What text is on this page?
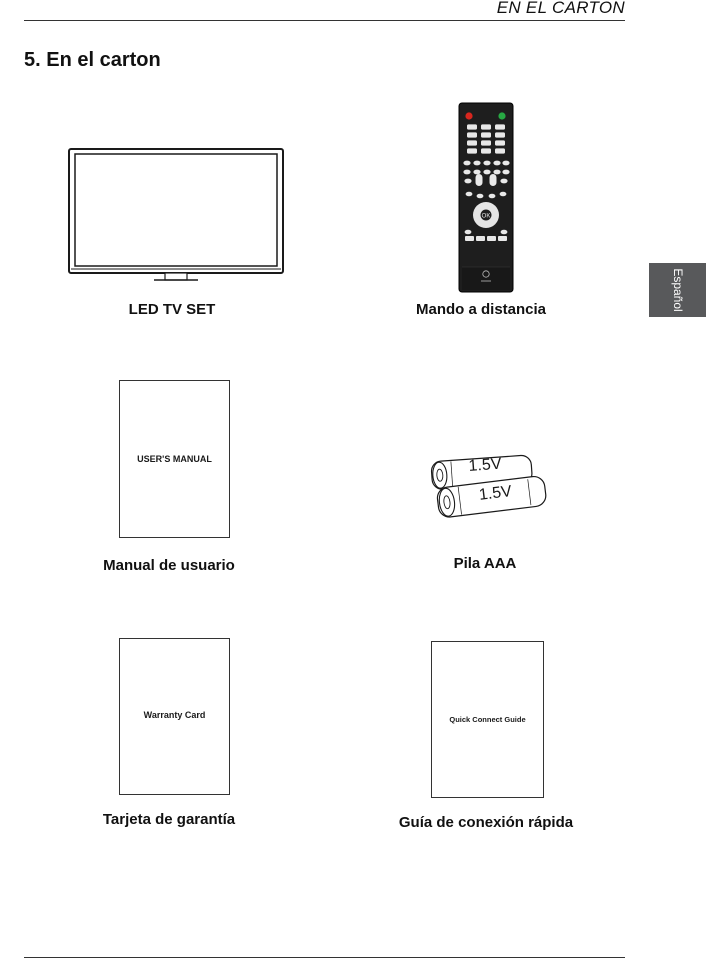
EN EL CARTON
5. En el carton
Español
LED TV SET
OK
Mando a distancia
USER'S MANUAL
Manual de usuario
1.5V
1.5V
Pila AAA
Warranty Card
Tarjeta de garantía
Quick Connect Guide
Guía de conexión rápida
